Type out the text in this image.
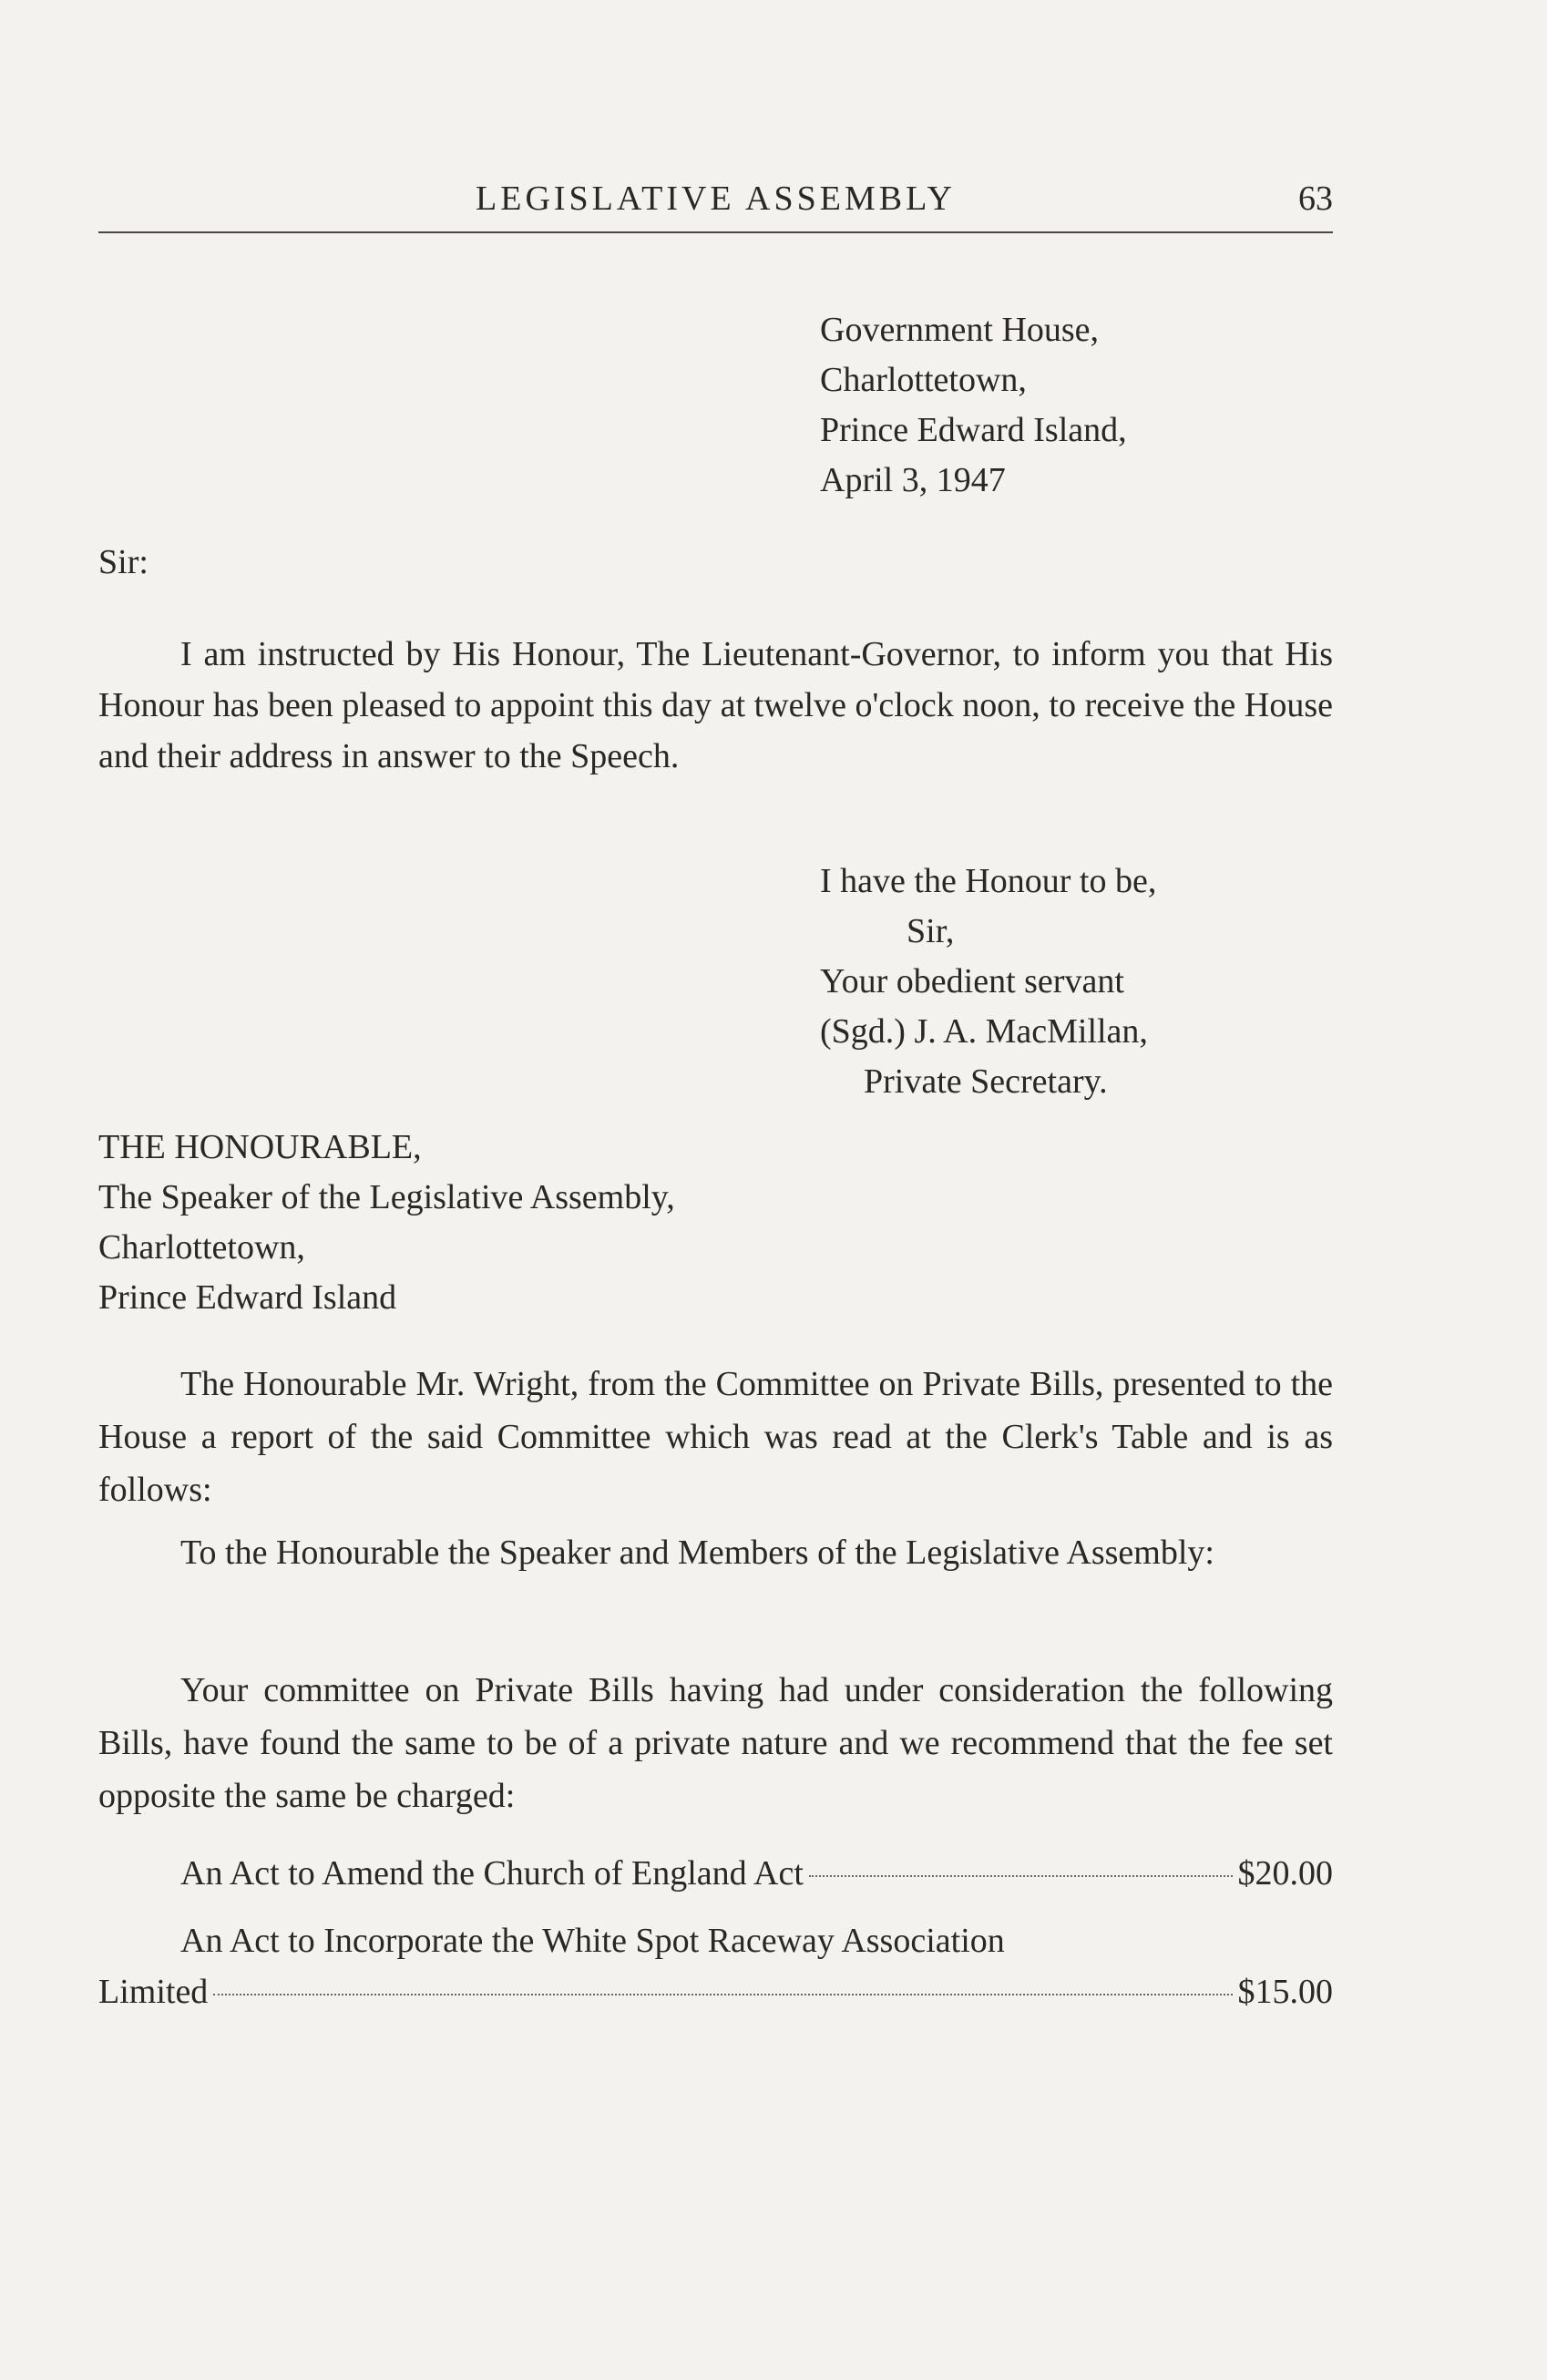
LEGISLATIVE ASSEMBLY	63
Government House,
Charlottetown,
Prince Edward Island,
April 3, 1947
Sir:
I am instructed by His Honour, The Lieutenant-Governor, to inform you that His Honour has been pleased to appoint this day at twelve o'clock noon, to receive the House and their address in answer to the Speech.
I have the Honour to be,
Sir,
Your obedient servant
(Sgd.) J. A. MacMillan,
Private Secretary.
THE HONOURABLE,
The Speaker of the Legislative Assembly,
Charlottetown,
Prince Edward Island
The Honourable Mr. Wright, from the Committee on Private Bills, presented to the House a report of the said Committee which was read at the Clerk's Table and is as follows:
To the Honourable the Speaker and Members of the Legislative Assembly:
Your committee on Private Bills having had under consideration the following Bills, have found the same to be of a private nature and we recommend that the fee set opposite the same be charged:
An Act to Amend the Church of England Act	$20.00
An Act to Incorporate the White Spot Raceway Association
Limited	$15.00
